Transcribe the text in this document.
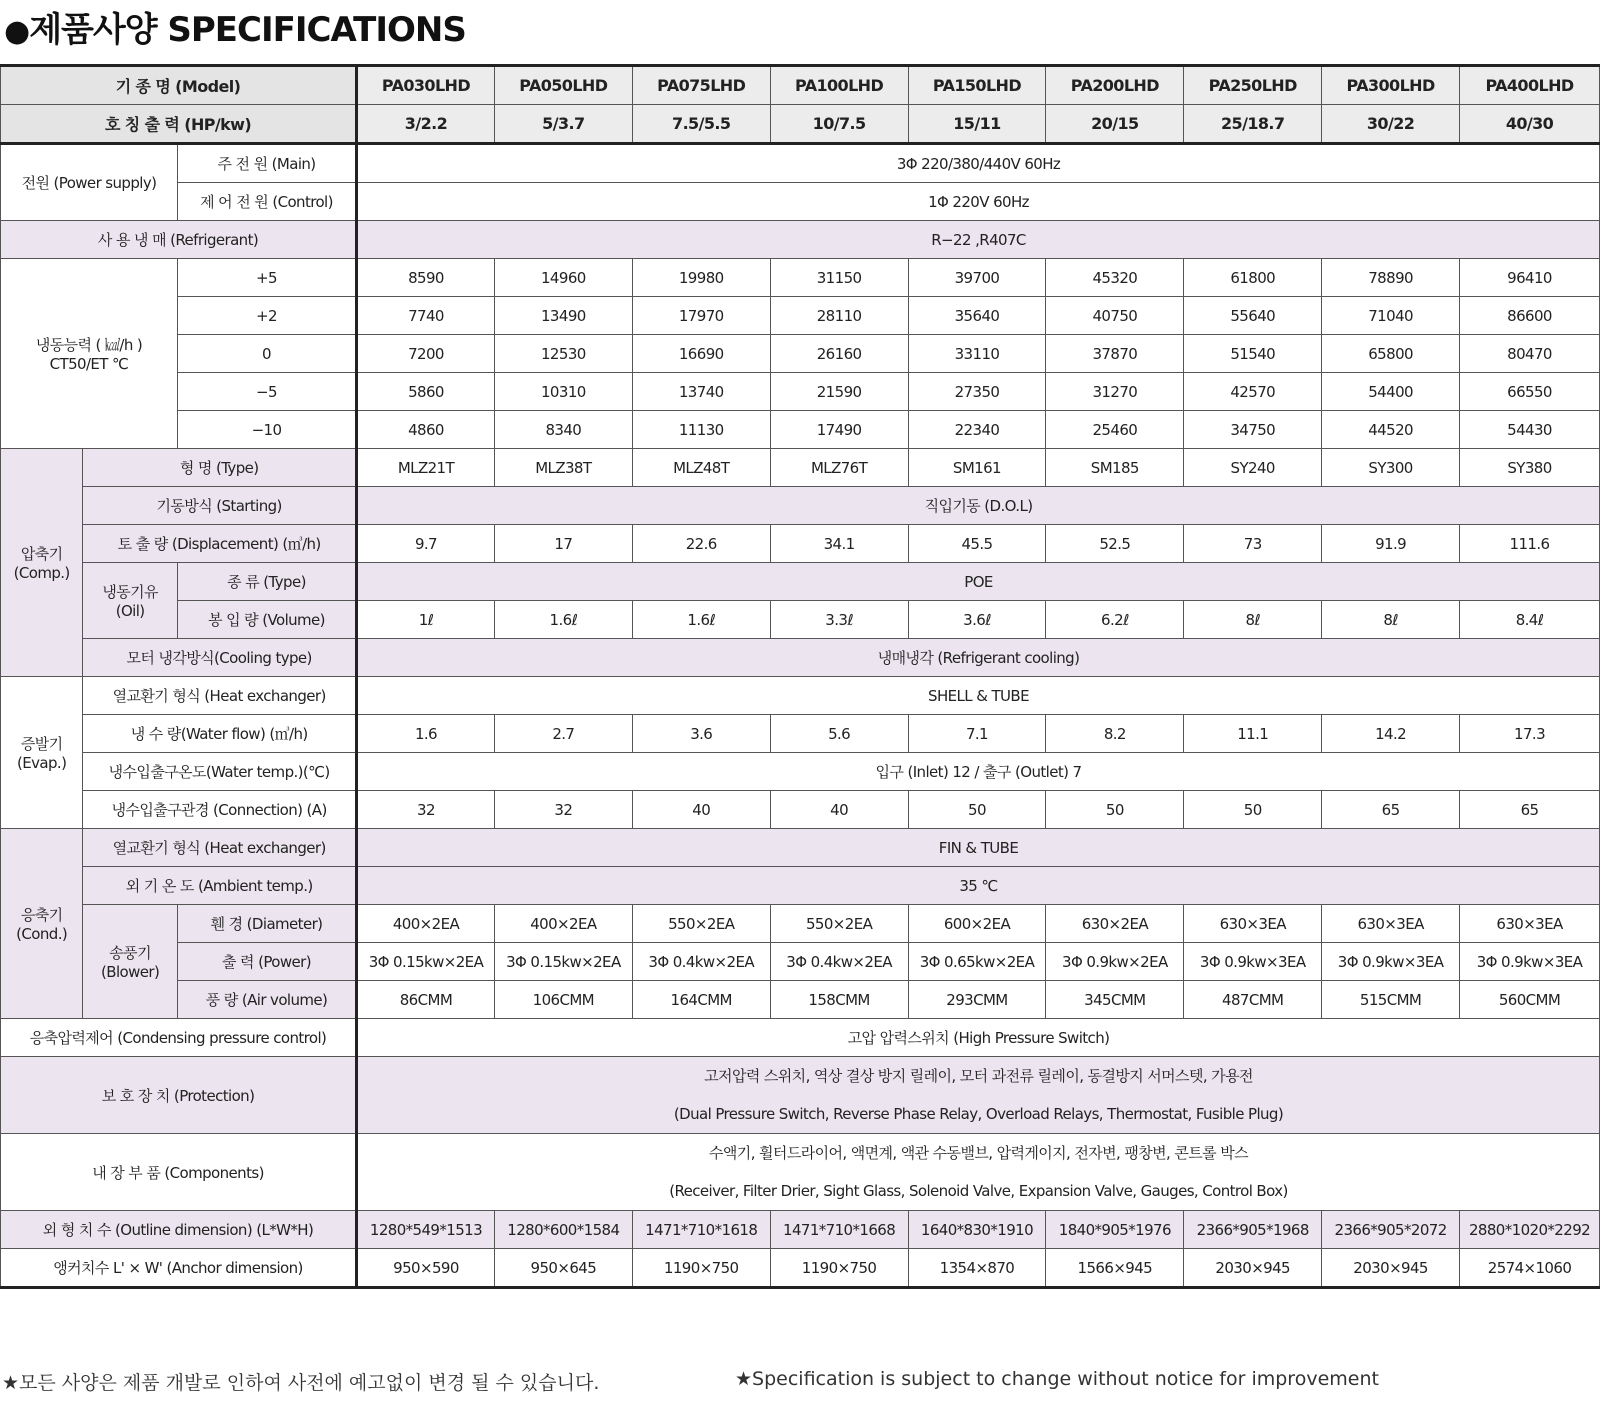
●제품사양 SPECIFICATIONS
기 종 명 (Model)			PA030LHD	PA050LHD	PA075LHD	PA100LHD	PA150LHD	PA200LHD	PA250LHD	PA300LHD	PA400LHD
호 칭 출 력 (HP/kw)			3/2.2	5/3.7	7.5/5.5	10/7.5	15/11	20/15	25/18.7	30/22	40/30
전원 (Power supply)		주 전 원 (Main)	3Φ 220/380/440V 60Hz								
		제 어 전 원 (Control)	1Φ 220V 60Hz								
사 용 냉 매 (Refrigerant)			R−22 ,R407C								
냉동능력 ( ㎉/h )
CT50/ET ℃		+5	8590	14960	19980	31150	39700	45320	61800	78890	96410
		+2	7740	13490	17970	28110	35640	40750	55640	71040	86600
		0	7200	12530	16690	26160	33110	37870	51540	65800	80470
		−5	5860	10310	13740	21590	27350	31270	42570	54400	66550
		−10	4860	8340	11130	17490	22340	25460	34750	44520	54430
압축기
(Comp.)	형 명 (Type)		MLZ21T	MLZ38T	MLZ48T	MLZ76T	SM161	SM185	SY240	SY300	SY380
	기동방식 (Starting)		직입기동 (D.O.L)								
	토 출 량 (Displacement) (㎥/h)		9.7	17	22.6	34.1	45.5	52.5	73	91.9	111.6
	냉동기유
(Oil)	종 류 (Type)	POE								
		봉 입 량 (Volume)	1ℓ	1.6ℓ	1.6ℓ	3.3ℓ	3.6ℓ	6.2ℓ	8ℓ	8ℓ	8.4ℓ
	모터 냉각방식(Cooling type)		냉매냉각 (Refrigerant cooling)								
증발기
(Evap.)	열교환기 형식 (Heat exchanger)		SHELL & TUBE								
	냉 수 량(Water flow) (㎥/h)		1.6	2.7	3.6	5.6	7.1	8.2	11.1	14.2	17.3
	냉수입출구온도(Water temp.)(℃)		입구 (Inlet) 12 / 출구 (Outlet) 7								
	냉수입출구관경 (Connection) (A)		32	32	40	40	50	50	50	65	65
응축기
(Cond.)	열교환기 형식 (Heat exchanger)		FIN & TUBE								
	외 기 온 도 (Ambient temp.)		35 ℃								
	송풍기
(Blower)	휀 경 (Diameter)	400×2EA	400×2EA	550×2EA	550×2EA	600×2EA	630×2EA	630×3EA	630×3EA	630×3EA
		출 력 (Power)	3Φ 0.15kw×2EA	3Φ 0.15kw×2EA	3Φ 0.4kw×2EA	3Φ 0.4kw×2EA	3Φ 0.65kw×2EA	3Φ 0.9kw×2EA	3Φ 0.9kw×3EA	3Φ 0.9kw×3EA	3Φ 0.9kw×3EA
		풍 량 (Air volume)	86CMM	106CMM	164CMM	158CMM	293CMM	345CMM	487CMM	515CMM	560CMM
응축압력제어 (Condensing pressure control)			고압 압력스위치 (High Pressure Switch)								
보 호 장 치 (Protection)			고저압력 스위치, 역상 결상 방지 릴레이, 모터 과전류 릴레이, 동결방지 서머스텟, 가용전
(Dual Pressure Switch, Reverse Phase Relay, Overload Relays, Thermostat, Fusible Plug)								
내 장 부 품 (Components)			수액기, 휠터드라이어, 액면계, 액관 수동밸브, 압력게이지, 전자변, 팽창변, 콘트롤 박스
(Receiver, Filter Drier, Sight Glass, Solenoid Valve, Expansion Valve, Gauges, Control Box)								
외 형 치 수 (Outline dimension) (L*W*H)			1280*549*1513	1280*600*1584	1471*710*1618	1471*710*1668	1640*830*1910	1840*905*1976	2366*905*1968	2366*905*2072	2880*1020*2292
앵커치수 L' × W' (Anchor dimension)			950×590	950×645	1190×750	1190×750	1354×870	1566×945	2030×945	2030×945	2574×1060
★모든 사양은 제품 개발로 인하여 사전에 예고없이 변경 될 수 있습니다.	★Specification is subject to change without notice for improvement
